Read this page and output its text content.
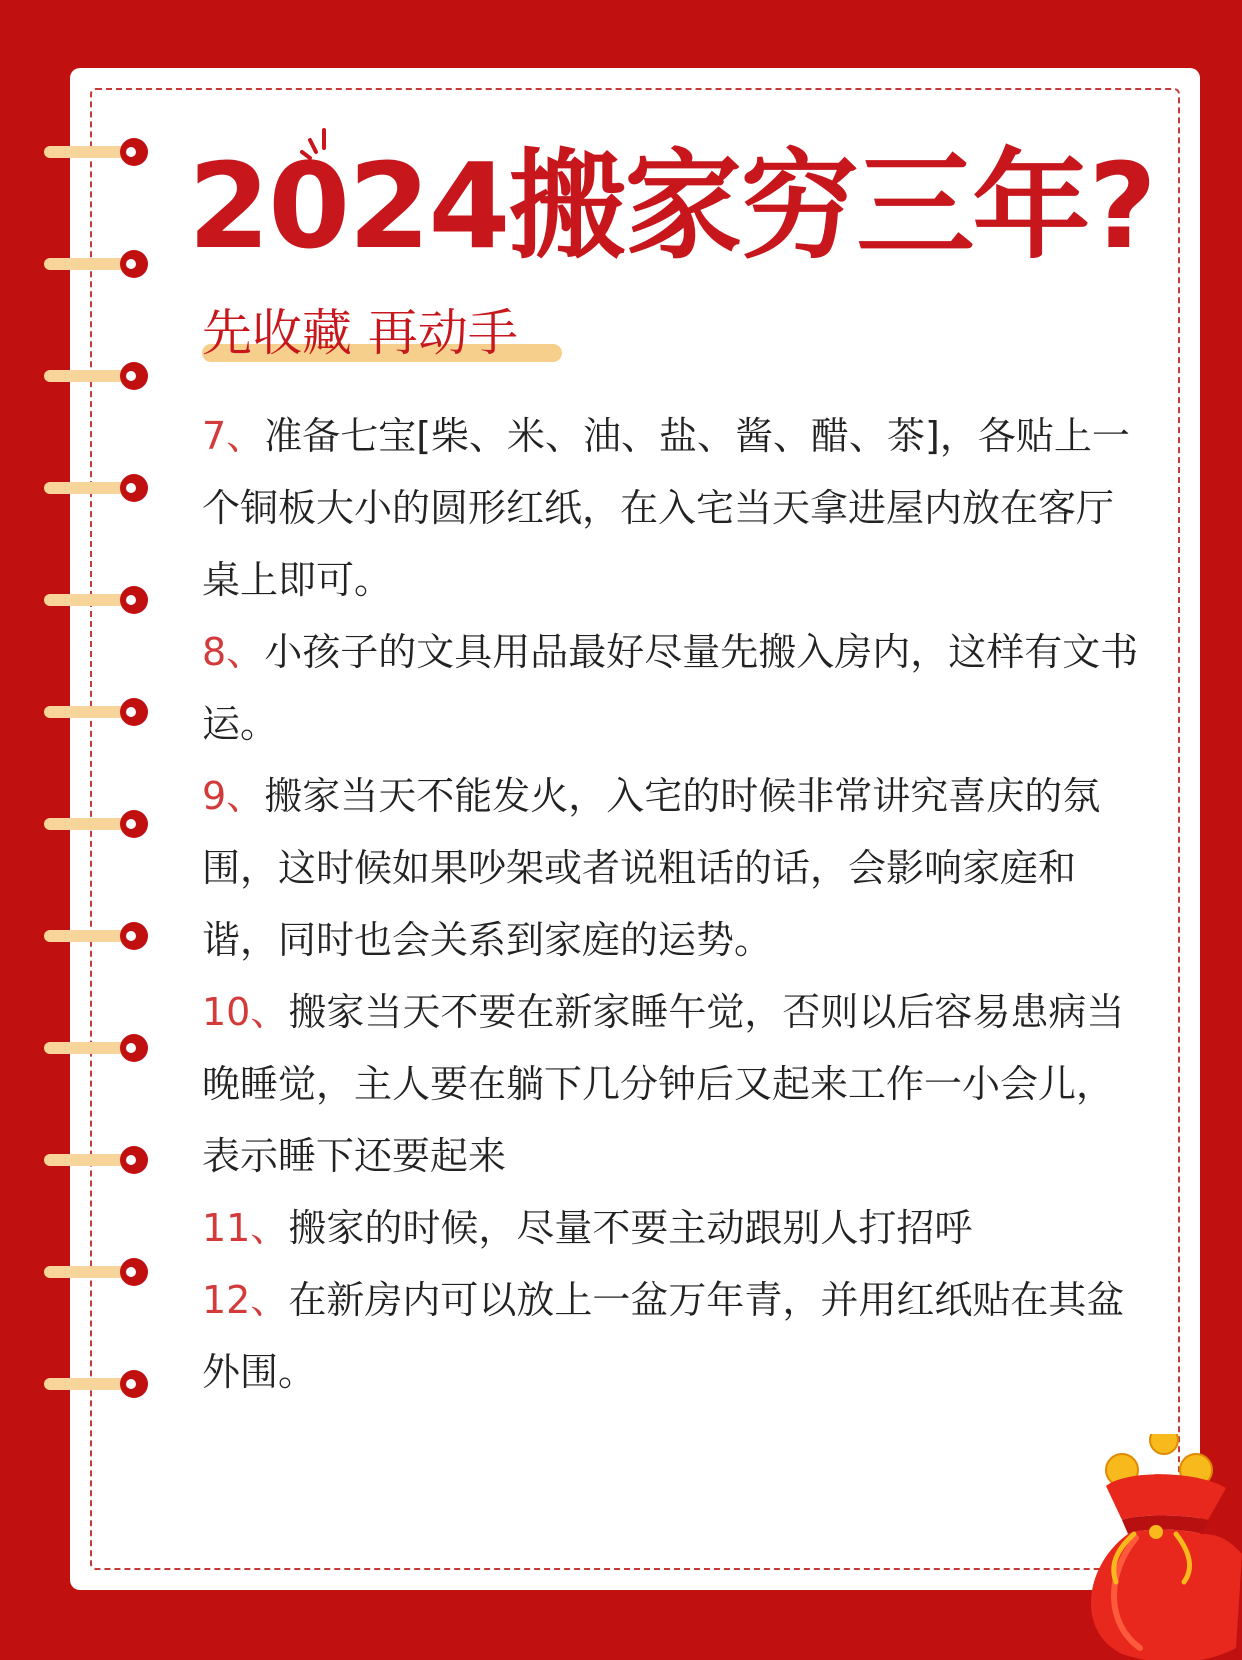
2024搬家穷三年?
先收藏 再动手

7、准备七宝[柴、米、油、盐、酱、醋、茶]，各贴上一个铜板大小的圆形红纸，在入宅当天拿进屋内放在客厅桌上即可。

8、小孩子的文具用品最好尽量先搬入房内，这样有文书运。

9、搬家当天不能发火，入宅的时候非常讲究喜庆的氛围，这时候如果吵架或者说粗话的话，会影响家庭和谐，同时也会关系到家庭的运势。

10、搬家当天不要在新家睡午觉，否则以后容易患病当晚睡觉，主人要在躺下几分钟后又起来工作一小会儿，表示睡下还要起来

11、搬家的时候，尽量不要主动跟别人打招呼

12、在新房内可以放上一盆万年青，并用红纸贴在其盆外围。
